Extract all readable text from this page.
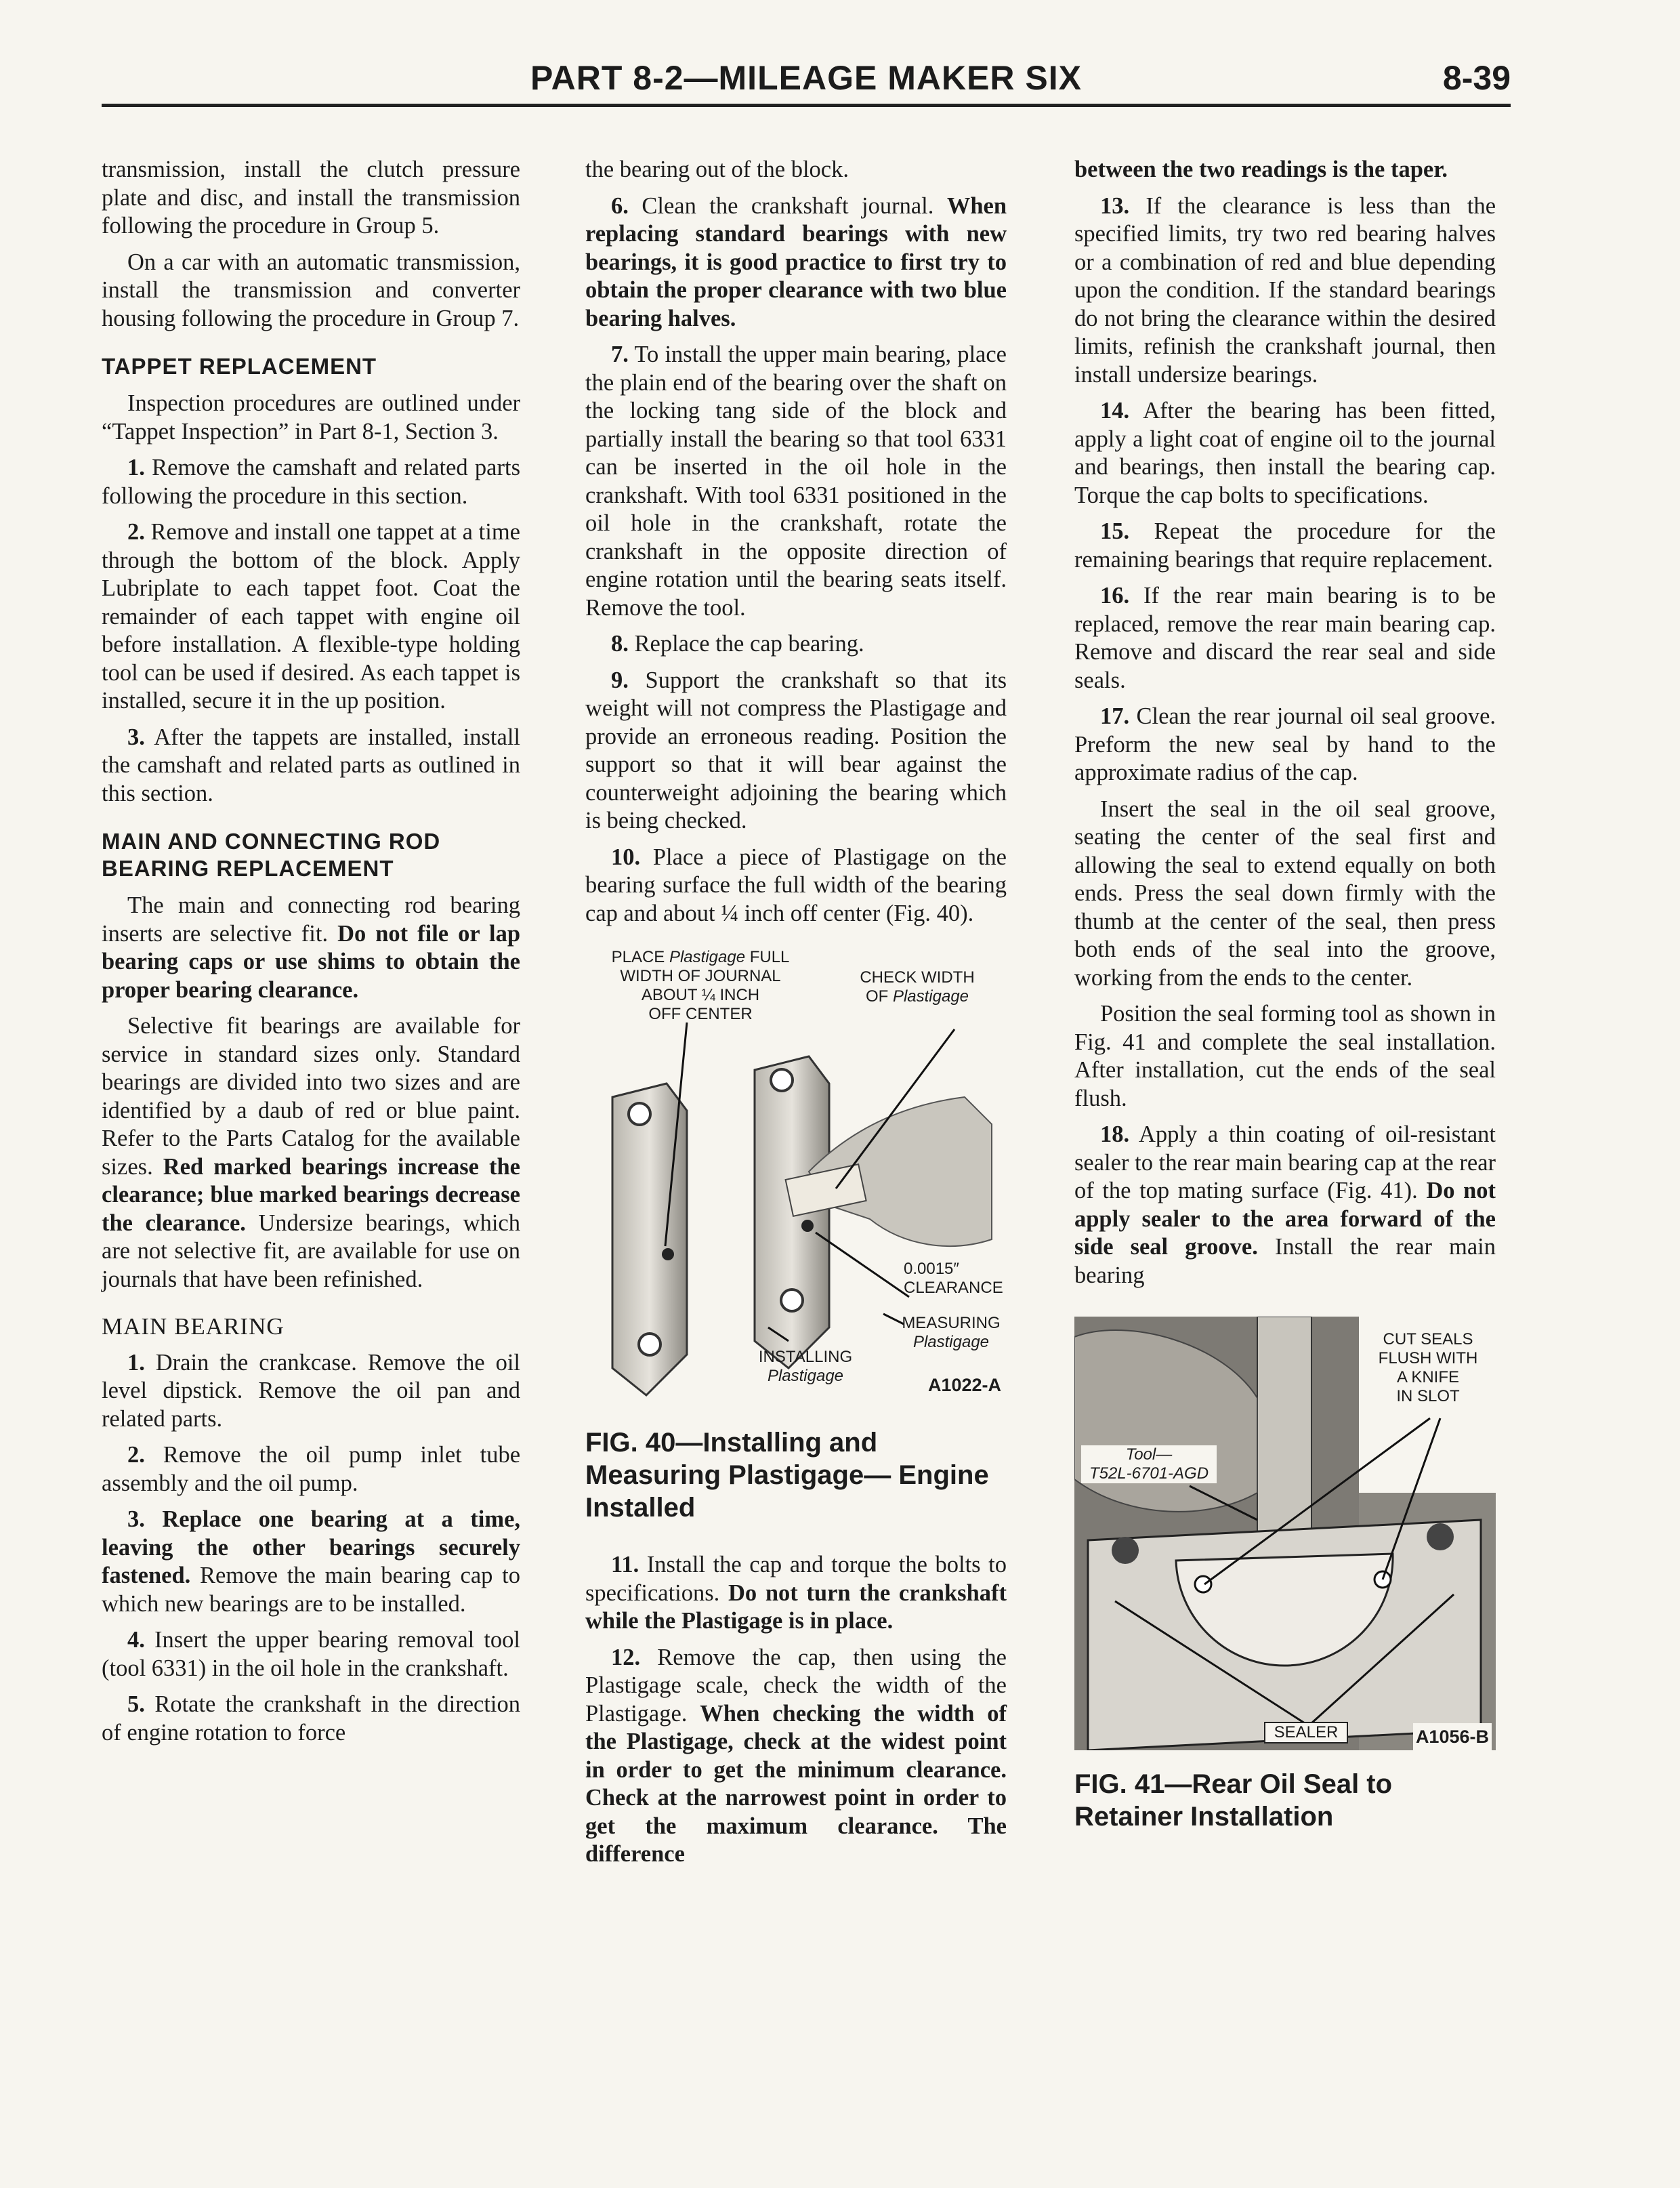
PART 8-2—MILEAGE MAKER SIX	8-39

transmission, install the clutch pressure plate and disc, and install the transmission following the procedure in Group 5.

On a car with an automatic transmission, install the transmission and converter housing following the procedure in Group 7.

TAPPET REPLACEMENT

Inspection procedures are outlined under “Tappet Inspection” in Part 8-1, Section 3.

1. Remove the camshaft and related parts following the procedure in this section.

2. Remove and install one tappet at a time through the bottom of the block. Apply Lubriplate to each tappet foot. Coat the remainder of each tappet with engine oil before installation. A flexible-type holding tool can be used if desired. As each tappet is installed, secure it in the up position.

3. After the tappets are installed, install the camshaft and related parts as outlined in this section.

MAIN AND CONNECTING ROD BEARING REPLACEMENT

The main and connecting rod bearing inserts are selective fit. Do not file or lap bearing caps or use shims to obtain the proper bearing clearance.

Selective fit bearings are available for service in standard sizes only. Standard bearings are divided into two sizes and are identified by a daub of red or blue paint. Refer to the Parts Catalog for the available sizes. Red marked bearings increase the clearance; blue marked bearings decrease the clearance. Undersize bearings, which are not selective fit, are available for use on journals that have been refinished.

MAIN BEARING

1. Drain the crankcase. Remove the oil level dipstick. Remove the oil pan and related parts.

2. Remove the oil pump inlet tube assembly and the oil pump.

3. Replace one bearing at a time, leaving the other bearings securely fastened. Remove the main bearing cap to which new bearings are to be installed.

4. Insert the upper bearing removal tool (tool 6331) in the oil hole in the crankshaft.

5. Rotate the crankshaft in the direction of engine rotation to force

the bearing out of the block.

6. Clean the crankshaft journal. When replacing standard bearings with new bearings, it is good practice to first try to obtain the proper clearance with two blue bearing halves.

7. To install the upper main bearing, place the plain end of the bearing over the shaft on the locking tang side of the block and partially install the bearing so that tool 6331 can be inserted in the oil hole in the crankshaft. With tool 6331 positioned in the oil hole in the crankshaft, rotate the crankshaft in the opposite direction of engine rotation until the bearing seats itself. Remove the tool.

8. Replace the cap bearing.

9. Support the crankshaft so that its weight will not compress the Plastigage and provide an erroneous reading. Position the support so that it will bear against the counterweight adjoining the bearing which is being checked.

10. Place a piece of Plastigage on the bearing surface the full width of the bearing cap and about ¼ inch off center (Fig. 40).

PLACE Plastigage FULL
WIDTH OF JOURNAL
ABOUT ¼ INCH
OFF CENTER
CHECK WIDTH
OF Plastigage
0.0015″
CLEARANCE
MEASURING
Plastigage
INSTALLING
Plastigage	A1022-A
FIG. 40—Installing and Measuring Plastigage— Engine Installed

11. Install the cap and torque the bolts to specifications. Do not turn the crankshaft while the Plastigage is in place.

12. Remove the cap, then using the Plastigage scale, check the width of the Plastigage. When checking the width of the Plastigage, check at the widest point in order to get the minimum clearance. Check at the narrowest point in order to get the maximum clearance. The difference

between the two readings is the taper.

13. If the clearance is less than the specified limits, try two red bearing halves or a combination of red and blue depending upon the condition. If the standard bearings do not bring the clearance within the desired limits, refinish the crankshaft journal, then install undersize bearings.

14. After the bearing has been fitted, apply a light coat of engine oil to the journal and bearings, then install the bearing cap. Torque the cap bolts to specifications.

15. Repeat the procedure for the remaining bearings that require replacement.

16. If the rear main bearing is to be replaced, remove the rear main bearing cap. Remove and discard the rear seal and side seals.

17. Clean the rear journal oil seal groove. Preform the new seal by hand to the approximate radius of the cap.

Insert the seal in the oil seal groove, seating the center of the seal first and allowing the seal to extend equally on both ends. Press the seal down firmly with the thumb at the center of the seal, then press both ends of the seal into the groove, working from the ends to the center.

Position the seal forming tool as shown in Fig. 41 and complete the seal installation. After installation, cut the ends of the seal flush.

18. Apply a thin coating of oil-resistant sealer to the rear main bearing cap at the rear of the top mating surface (Fig. 41). Do not apply sealer to the area forward of the side seal groove. Install the rear main bearing

CUT SEALS
FLUSH WITH
A KNIFE
IN SLOT
Tool—
T52L-6701-AGD
SEALER	A1056-B
FIG. 41—Rear Oil Seal to Retainer Installation
